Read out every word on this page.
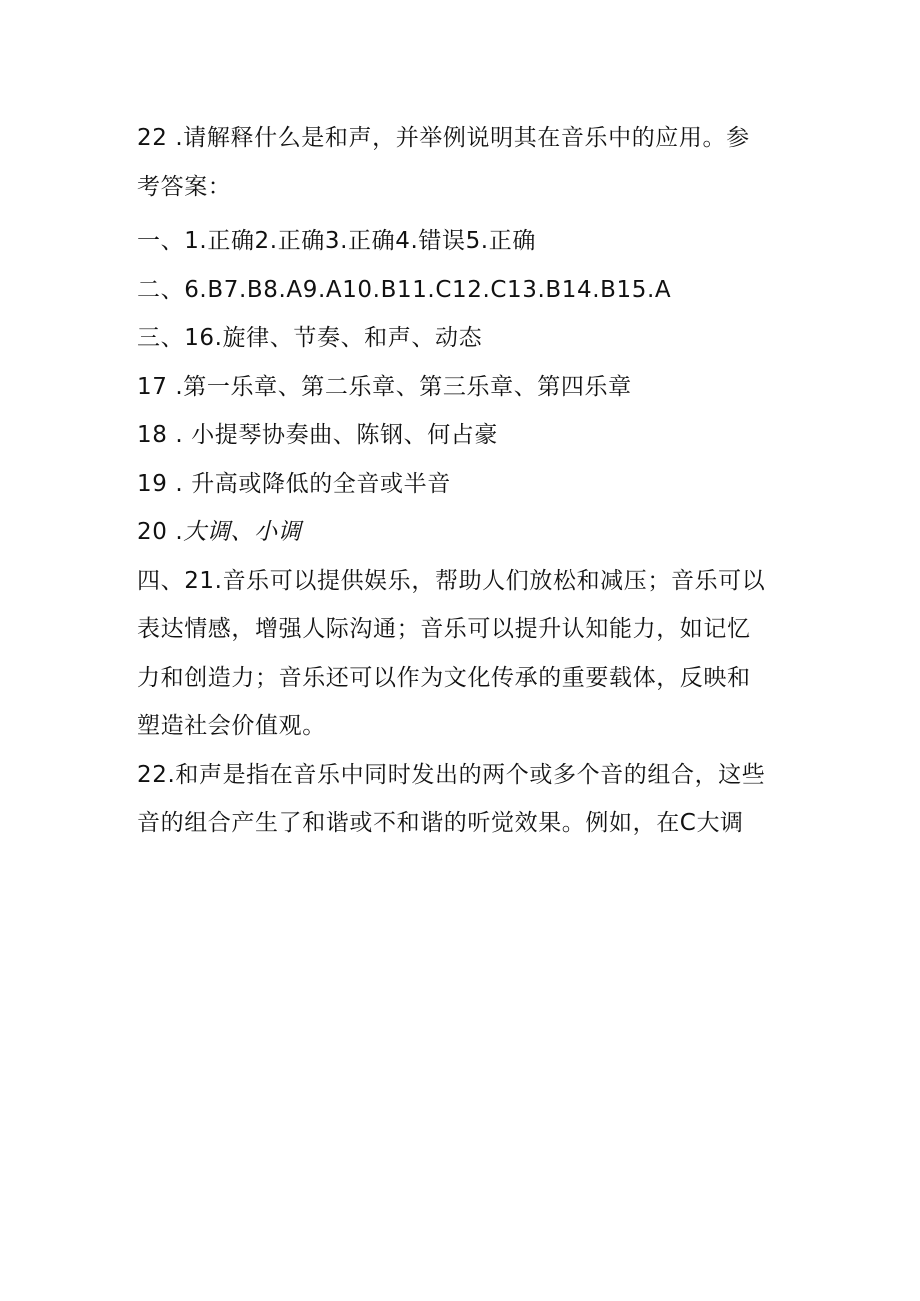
22 .请解释什么是和声，并举例说明其在音乐中的应用。参
考答案：
一、1.正确2.正确3.正确4.错误5.正确
二、6.B7.B8.A9.A10.B11.C12.C13.B14.B15.A
三、16.旋律、节奏、和声、动态
17 .第一乐章、第二乐章、第三乐章、第四乐章
18 . 小提琴协奏曲、陈钢、何占豪
19 . 升高或降低的全音或半音
20 .大调、小调
四、21.音乐可以提供娱乐，帮助人们放松和减压；音乐可以
表达情感，增强人际沟通；音乐可以提升认知能力，如记忆
力和创造力；音乐还可以作为文化传承的重要载体，反映和
塑造社会价值观。
22.和声是指在音乐中同时发出的两个或多个音的组合，这些
音的组合产生了和谐或不和谐的听觉效果。例如，在C大调
